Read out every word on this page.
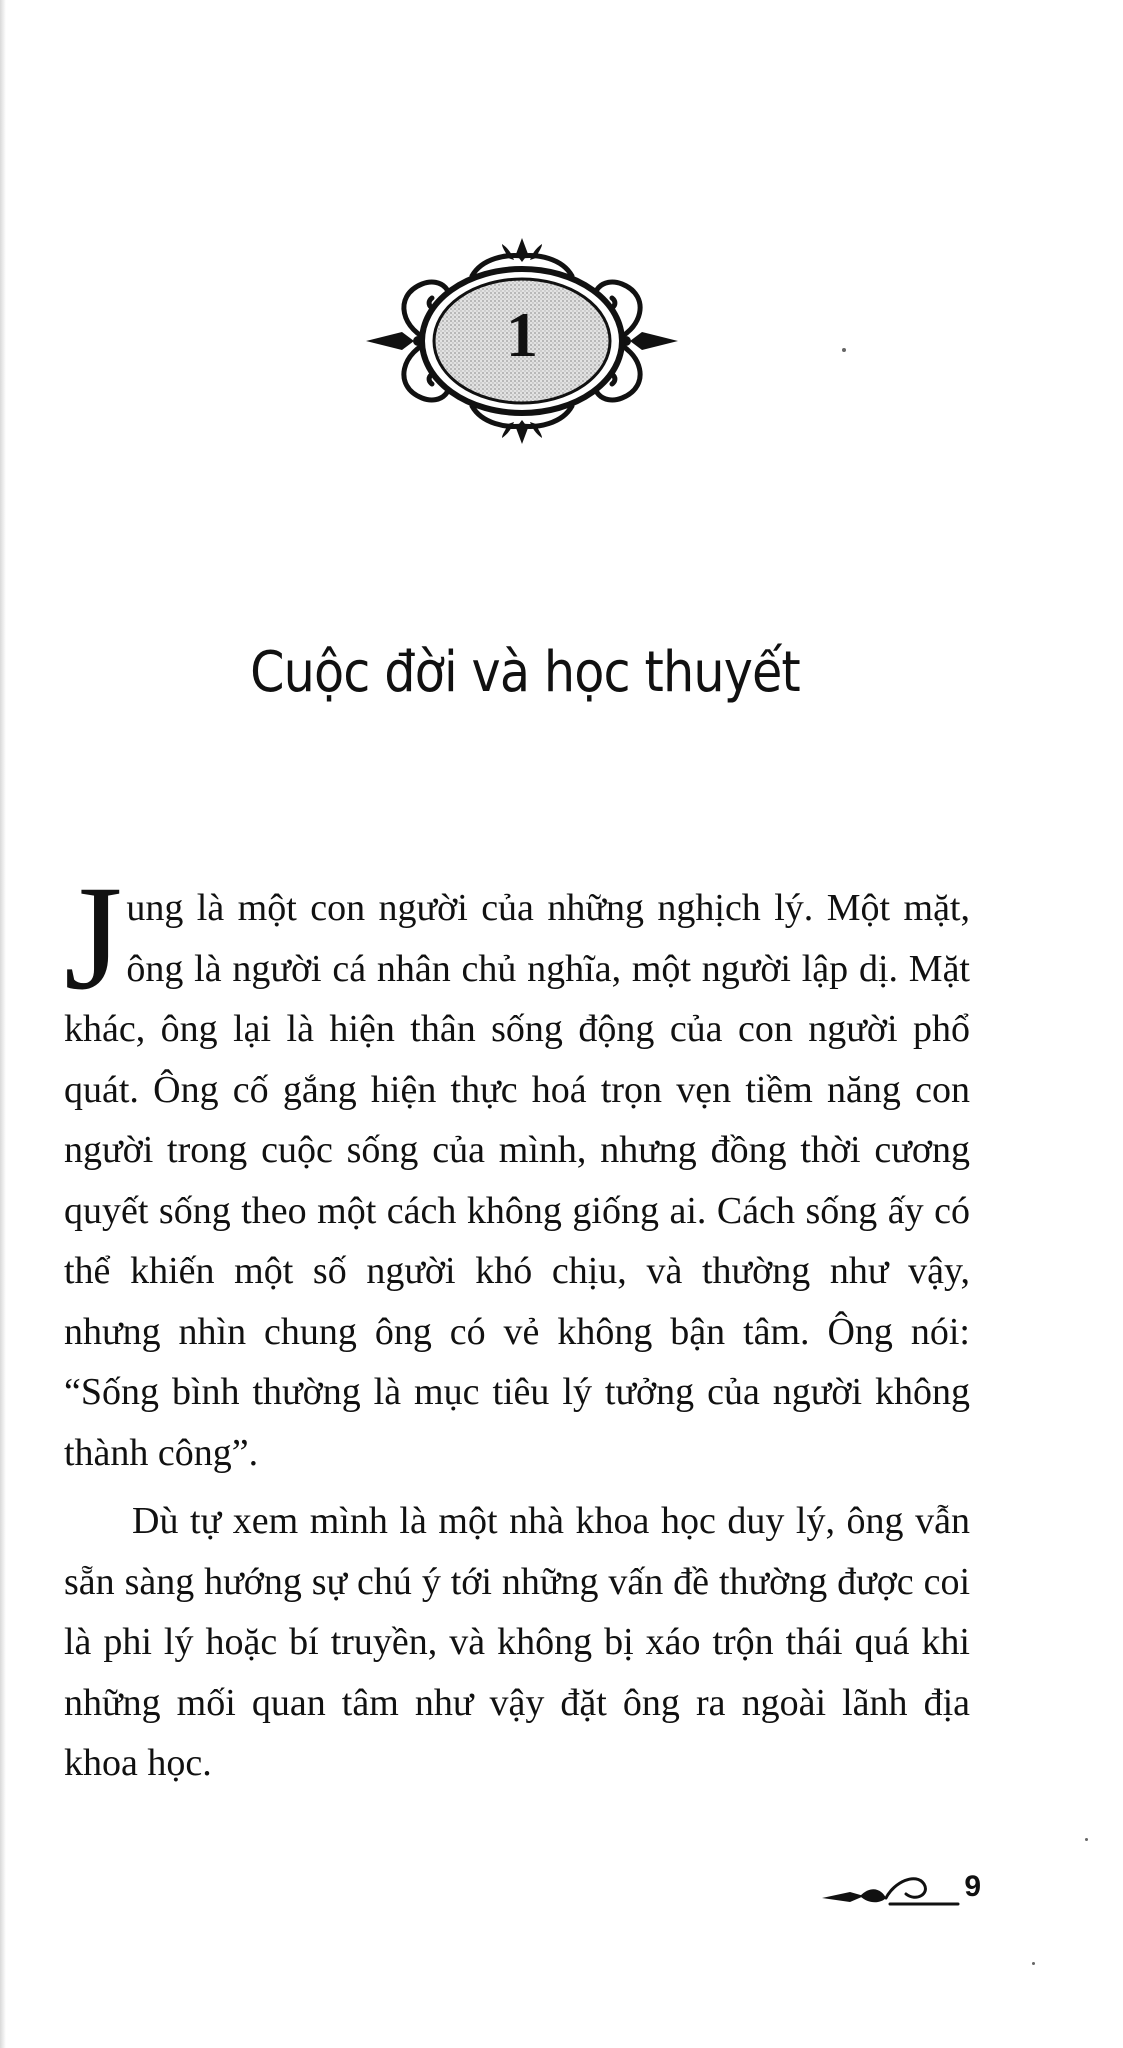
1
Cuộc đời và học thuyết

Jung là một con người của những nghịch lý. Một mặt, ông là người cá nhân chủ nghĩa, một người lập dị. Mặt khác, ông lại là hiện thân sống động của con người phổ quát. Ông cố gắng hiện thực hoá trọn vẹn tiềm năng con người trong cuộc sống của mình, nhưng đồng thời cương quyết sống theo một cách không giống ai. Cách sống ấy có thể khiến một số người khó chịu, và thường như vậy, nhưng nhìn chung ông có vẻ không bận tâm. Ông nói: “Sống bình thường là mục tiêu lý tưởng của người không thành công”.

Dù tự xem mình là một nhà khoa học duy lý, ông vẫn sẵn sàng hướng sự chú ý tới những vấn đề thường được coi là phi lý hoặc bí truyền, và không bị xáo trộn thái quá khi những mối quan tâm như vậy đặt ông ra ngoài lãnh địa khoa học.

9
